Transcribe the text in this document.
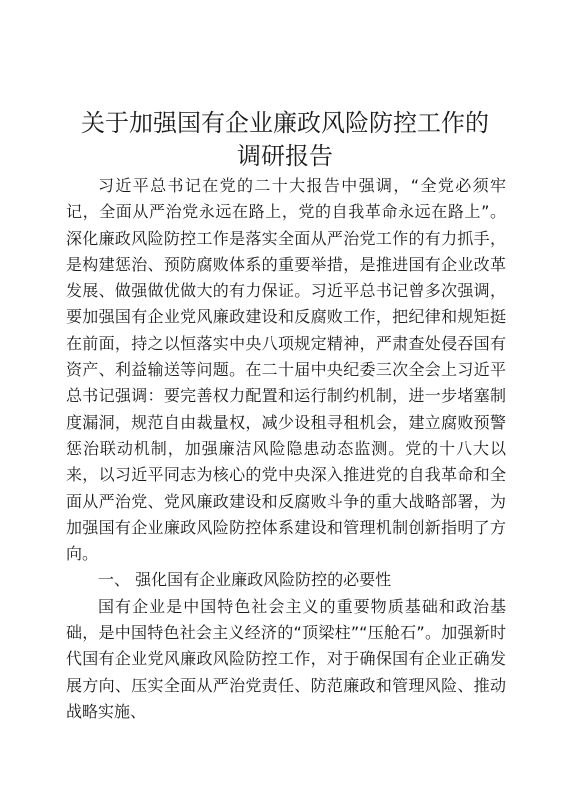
关于加强国有企业廉政风险防控工作的
调研报告

习近平总书记在党的二十大报告中强调，“全党必须牢记，全面从严治党永远在路上，党的自我革命永远在路上”。深化廉政风险防控工作是落实全面从严治党工作的有力抓手，是构建惩治、预防腐败体系的重要举措，是推进国有企业改革发展、做强做优做大的有力保证。习近平总书记曾多次强调，要加强国有企业党风廉政建设和反腐败工作，把纪律和规矩挺在前面，持之以恒落实中央八项规定精神，严肃查处侵吞国有资产、利益输送等问题。在二十届中央纪委三次全会上习近平总书记强调：要完善权力配置和运行制约机制，进一步堵塞制度漏洞，规范自由裁量权，减少设租寻租机会，建立腐败预警惩治联动机制，加强廉洁风险隐患动态监测。党的十八大以来，以习近平同志为核心的党中央深入推进党的自我革命和全面从严治党、党风廉政建设和反腐败斗争的重大战略部署，为加强国有企业廉政风险防控体系建设和管理机制创新指明了方向。

一、 强化国有企业廉政风险防控的必要性

国有企业是中国特色社会主义的重要物质基础和政治基础，是中国特色社会主义经济的“顶梁柱”“压舱石”。加强新时代国有企业党风廉政风险防控工作，对于确保国有企业正确发展方向、压实全面从严治党责任、防范廉政和管理风险、推动战略实施、
